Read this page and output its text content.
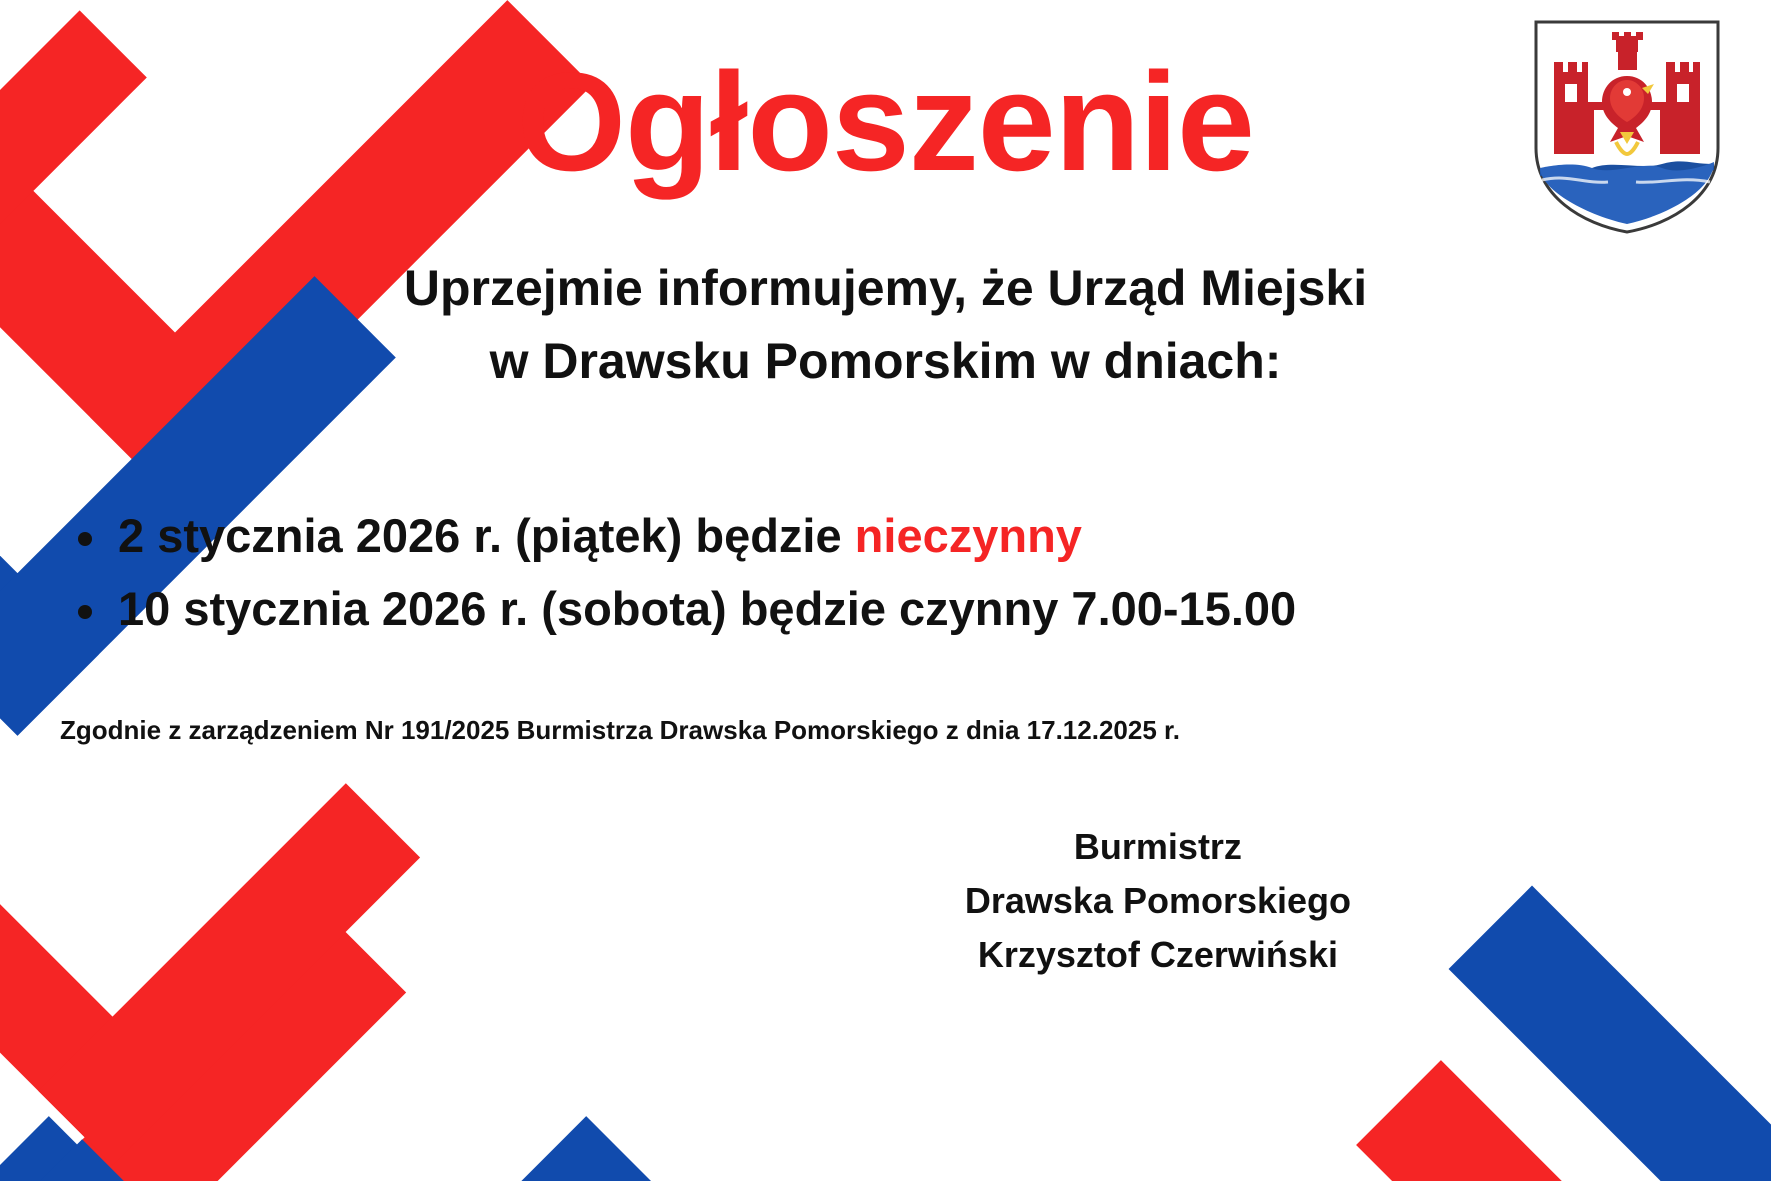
Ogłoszenie
Uprzejmie informujemy, że Urząd Miejski
w Drawsku Pomorskim w dniach:
2 stycznia 2026 r. (piątek) będzie nieczynny
10 stycznia 2026 r. (sobota) będzie czynny 7.00-15.00
Zgodnie z zarządzeniem Nr 191/2025 Burmistrza Drawska Pomorskiego z dnia 17.12.2025 r.
Burmistrz
Drawska Pomorskiego
Krzysztof Czerwiński
